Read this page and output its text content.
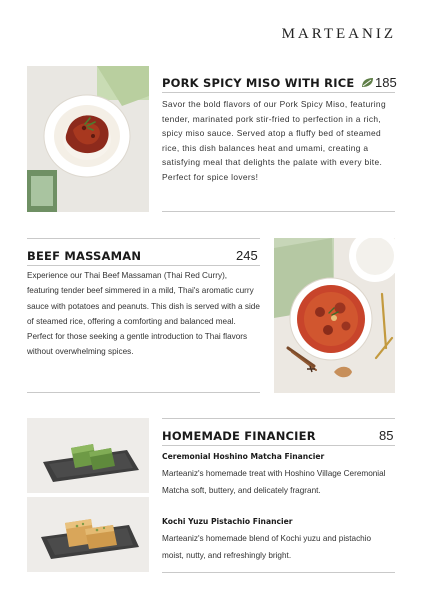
MARTEANIZ
PORK SPICY MISO WITH RICE	185
Savor the bold flavors of our Pork Spicy Miso, featuring tender, marinated pork stir-fried to perfection in a rich, spicy miso sauce. Served atop a fluffy bed of steamed rice, this dish balances heat and umami, creating a satisfying meal that delights the palate with every bite. Perfect for spice lovers!
BEEF MASSAMAN	245
Experience our Thai Beef Massaman (Thai Red Curry), featuring tender beef simmered in a mild, Thai's aromatic curry sauce with potatoes and peanuts. This dish is served with a side of steamed rice, offering a comforting and balanced meal. Perfect for those seeking a gentle introduction to Thai flavors without overwhelming spices.
HOMEMADE FINANCIER	85
Ceremonial Hoshino Matcha Financier
Marteaniz's homemade treat with Hoshino Village Ceremonial Matcha soft, buttery, and delicately fragrant.
Kochi Yuzu Pistachio Financier
Marteaniz's homemade blend of Kochi yuzu and pistachio moist, nutty, and refreshingly bright.
